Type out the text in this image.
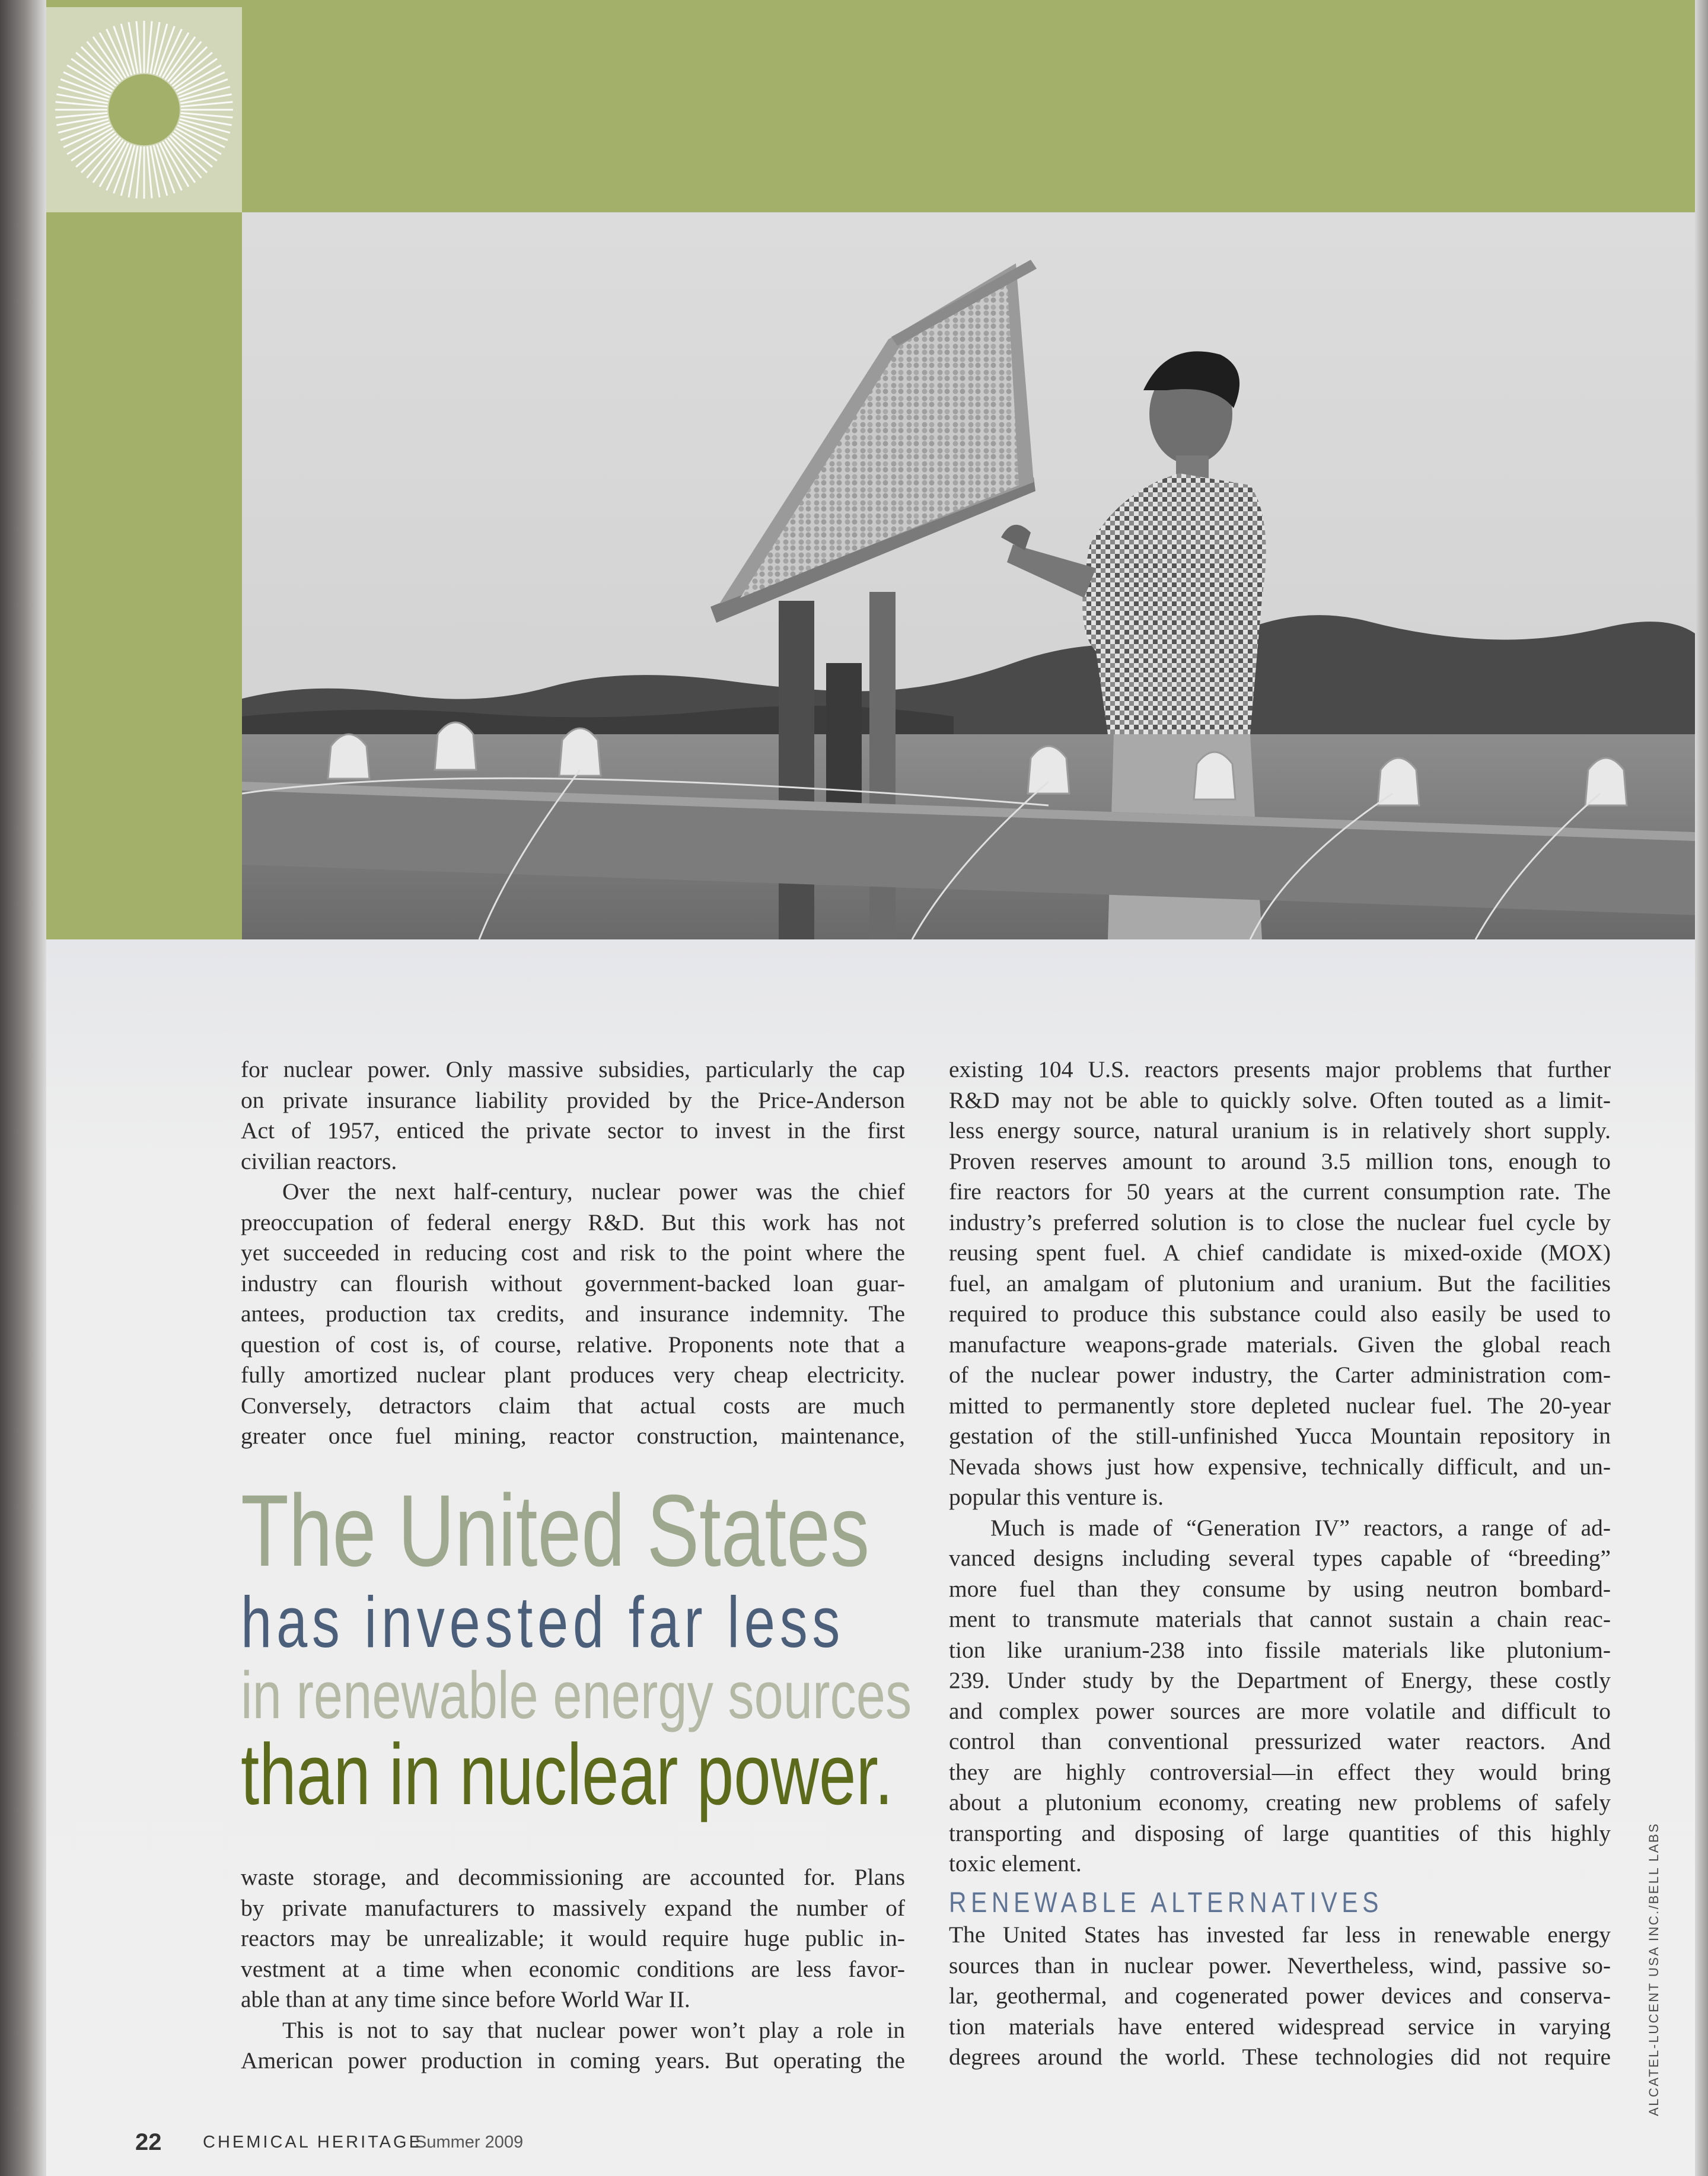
for nuclear power. Only massive subsidies, particularly the cap

on private insurance liability provided by the Price-Anderson

Act of 1957, enticed the private sector to invest in the first

civilian reactors.

Over the next half-century, nuclear power was the chief

preoccupation of federal energy R&D. But this work has not

yet succeeded in reducing cost and risk to the point where the

industry can flourish without government-backed loan guar-

antees, production tax credits, and insurance indemnity. The

question of cost is, of course, relative. Proponents note that a

fully amortized nuclear plant produces very cheap electricity.

Conversely, detractors claim that actual costs are much

greater once fuel mining, reactor construction, maintenance,

The United States
has invested far less
in renewable energy sources
than in nuclear power.

waste storage, and decommissioning are accounted for. Plans

by private manufacturers to massively expand the number of

reactors may be unrealizable; it would require huge public in-

vestment at a time when economic conditions are less favor-

able than at any time since before World War II.

This is not to say that nuclear power won’t play a role in

American power production in coming years. But operating the

existing 104 U.S. reactors presents major problems that further

R&D may not be able to quickly solve. Often touted as a limit-

less energy source, natural uranium is in relatively short supply.

Proven reserves amount to around 3.5 million tons, enough to

fire reactors for 50 years at the current consumption rate. The

industry’s preferred solution is to close the nuclear fuel cycle by

reusing spent fuel. A chief candidate is mixed-oxide (MOX)

fuel, an amalgam of plutonium and uranium. But the facilities

required to produce this substance could also easily be used to

manufacture weapons-grade materials. Given the global reach

of the nuclear power industry, the Carter administration com-

mitted to permanently store depleted nuclear fuel. The 20-year

gestation of the still-unfinished Yucca Mountain repository in

Nevada shows just how expensive, technically difficult, and un-

popular this venture is.

Much is made of “Generation IV” reactors, a range of ad-

vanced designs including several types capable of “breeding”

more fuel than they consume by using neutron bombard-

ment to transmute materials that cannot sustain a chain reac-

tion like uranium-238 into fissile materials like plutonium-

239. Under study by the Department of Energy, these costly

and complex power sources are more volatile and difficult to

control than conventional pressurized water reactors. And

they are highly controversial—in effect they would bring

about a plutonium economy, creating new problems of safely

transporting and disposing of large quantities of this highly

toxic element.

RENEWABLE ALTERNATIVES

The United States has invested far less in renewable energy

sources than in nuclear power. Nevertheless, wind, passive so-

lar, geothermal, and cogenerated power devices and conserva-

tion materials have entered widespread service in varying

degrees around the world. These technologies did not require

22 CHEMICAL HERITAGE
Summer 2009
ALCATEL-LUCENT USA INC./BELL LABS
